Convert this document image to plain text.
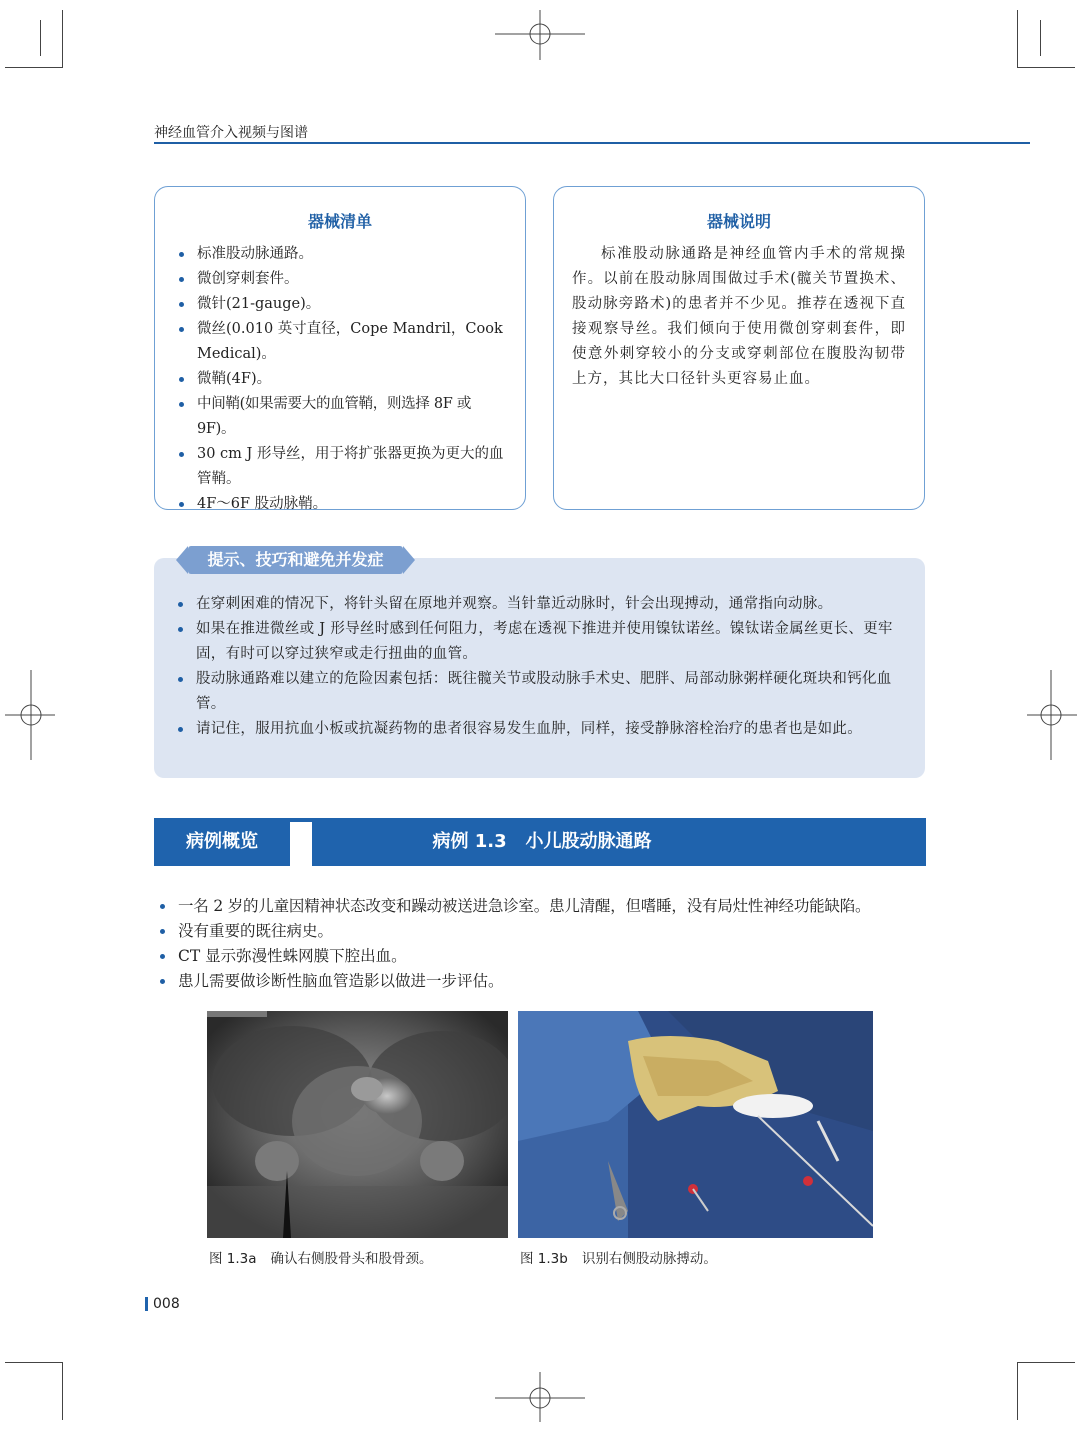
神经血管介入视频与图谱
器械清单
标准股动脉通路。
微创穿刺套件。
微针(21-gauge)。
微丝(0.010 英寸直径，Cope Mandril，Cook Medical)。
微鞘(4F)。
中间鞘(如果需要大的血管鞘，则选择 8F 或 9F)。
30 cm J 形导丝，用于将扩张器更换为更大的血管鞘。
4F～6F 股动脉鞘。
器械说明

标准股动脉通路是神经血管内手术的常规操作。以前在股动脉周围做过手术(髋关节置换术、股动脉旁路术)的患者并不少见。推荐在透视下直接观察导丝。我们倾向于使用微创穿刺套件，即使意外刺穿较小的分支或穿刺部位在腹股沟韧带上方，其比大口径针头更容易止血。

提示、技巧和避免并发症
在穿刺困难的情况下，将针头留在原地并观察。当针靠近动脉时，针会出现搏动，通常指向动脉。
如果在推进微丝或 J 形导丝时感到任何阻力，考虑在透视下推进并使用镍钛诺丝。镍钛诺金属丝更长、更牢固，有时可以穿过狭窄或走行扭曲的血管。
股动脉通路难以建立的危险因素包括：既往髋关节或股动脉手术史、肥胖、局部动脉粥样硬化斑块和钙化血管。
请记住，服用抗血小板或抗凝药物的患者很容易发生血肿，同样，接受静脉溶栓治疗的患者也是如此。
病例概览	病例 1.3   小儿股动脉通路
一名 2 岁的儿童因精神状态改变和躁动被送进急诊室。患儿清醒，但嗜睡，没有局灶性神经功能缺陷。
没有重要的既往病史。
CT 显示弥漫性蛛网膜下腔出血。
患儿需要做诊断性脑血管造影以做进一步评估。
图 1.3a 确认右侧股骨头和股骨颈。	图 1.3b 识别右侧股动脉搏动。
008
